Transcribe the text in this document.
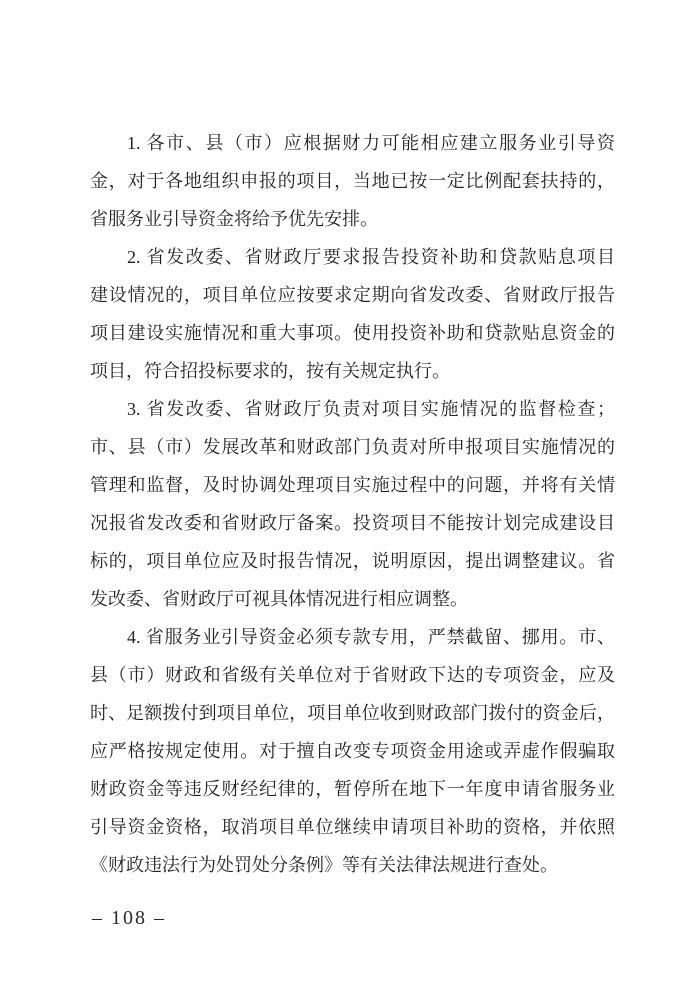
1. 各市、县（市）应根据财力可能相应建立服务业引导资
金，对于各地组织申报的项目，当地已按一定比例配套扶持的，
省服务业引导资金将给予优先安排。
2. 省发改委、省财政厅要求报告投资补助和贷款贴息项目
建设情况的，项目单位应按要求定期向省发改委、省财政厅报告
项目建设实施情况和重大事项。使用投资补助和贷款贴息资金的
项目，符合招投标要求的，按有关规定执行。
3. 省发改委、省财政厅负责对项目实施情况的监督检查；
市、县（市）发展改革和财政部门负责对所申报项目实施情况的
管理和监督，及时协调处理项目实施过程中的问题，并将有关情
况报省发改委和省财政厅备案。投资项目不能按计划完成建设目
标的，项目单位应及时报告情况，说明原因，提出调整建议。省
发改委、省财政厅可视具体情况进行相应调整。
4. 省服务业引导资金必须专款专用，严禁截留、挪用。市、
县（市）财政和省级有关单位对于省财政下达的专项资金，应及
时、足额拨付到项目单位，项目单位收到财政部门拨付的资金后，
应严格按规定使用。对于擅自改变专项资金用途或弄虚作假骗取
财政资金等违反财经纪律的，暂停所在地下一年度申请省服务业
引导资金资格，取消项目单位继续申请项目补助的资格，并依照
《财政违法行为处罚处分条例》等有关法律法规进行查处。
– 108 –
